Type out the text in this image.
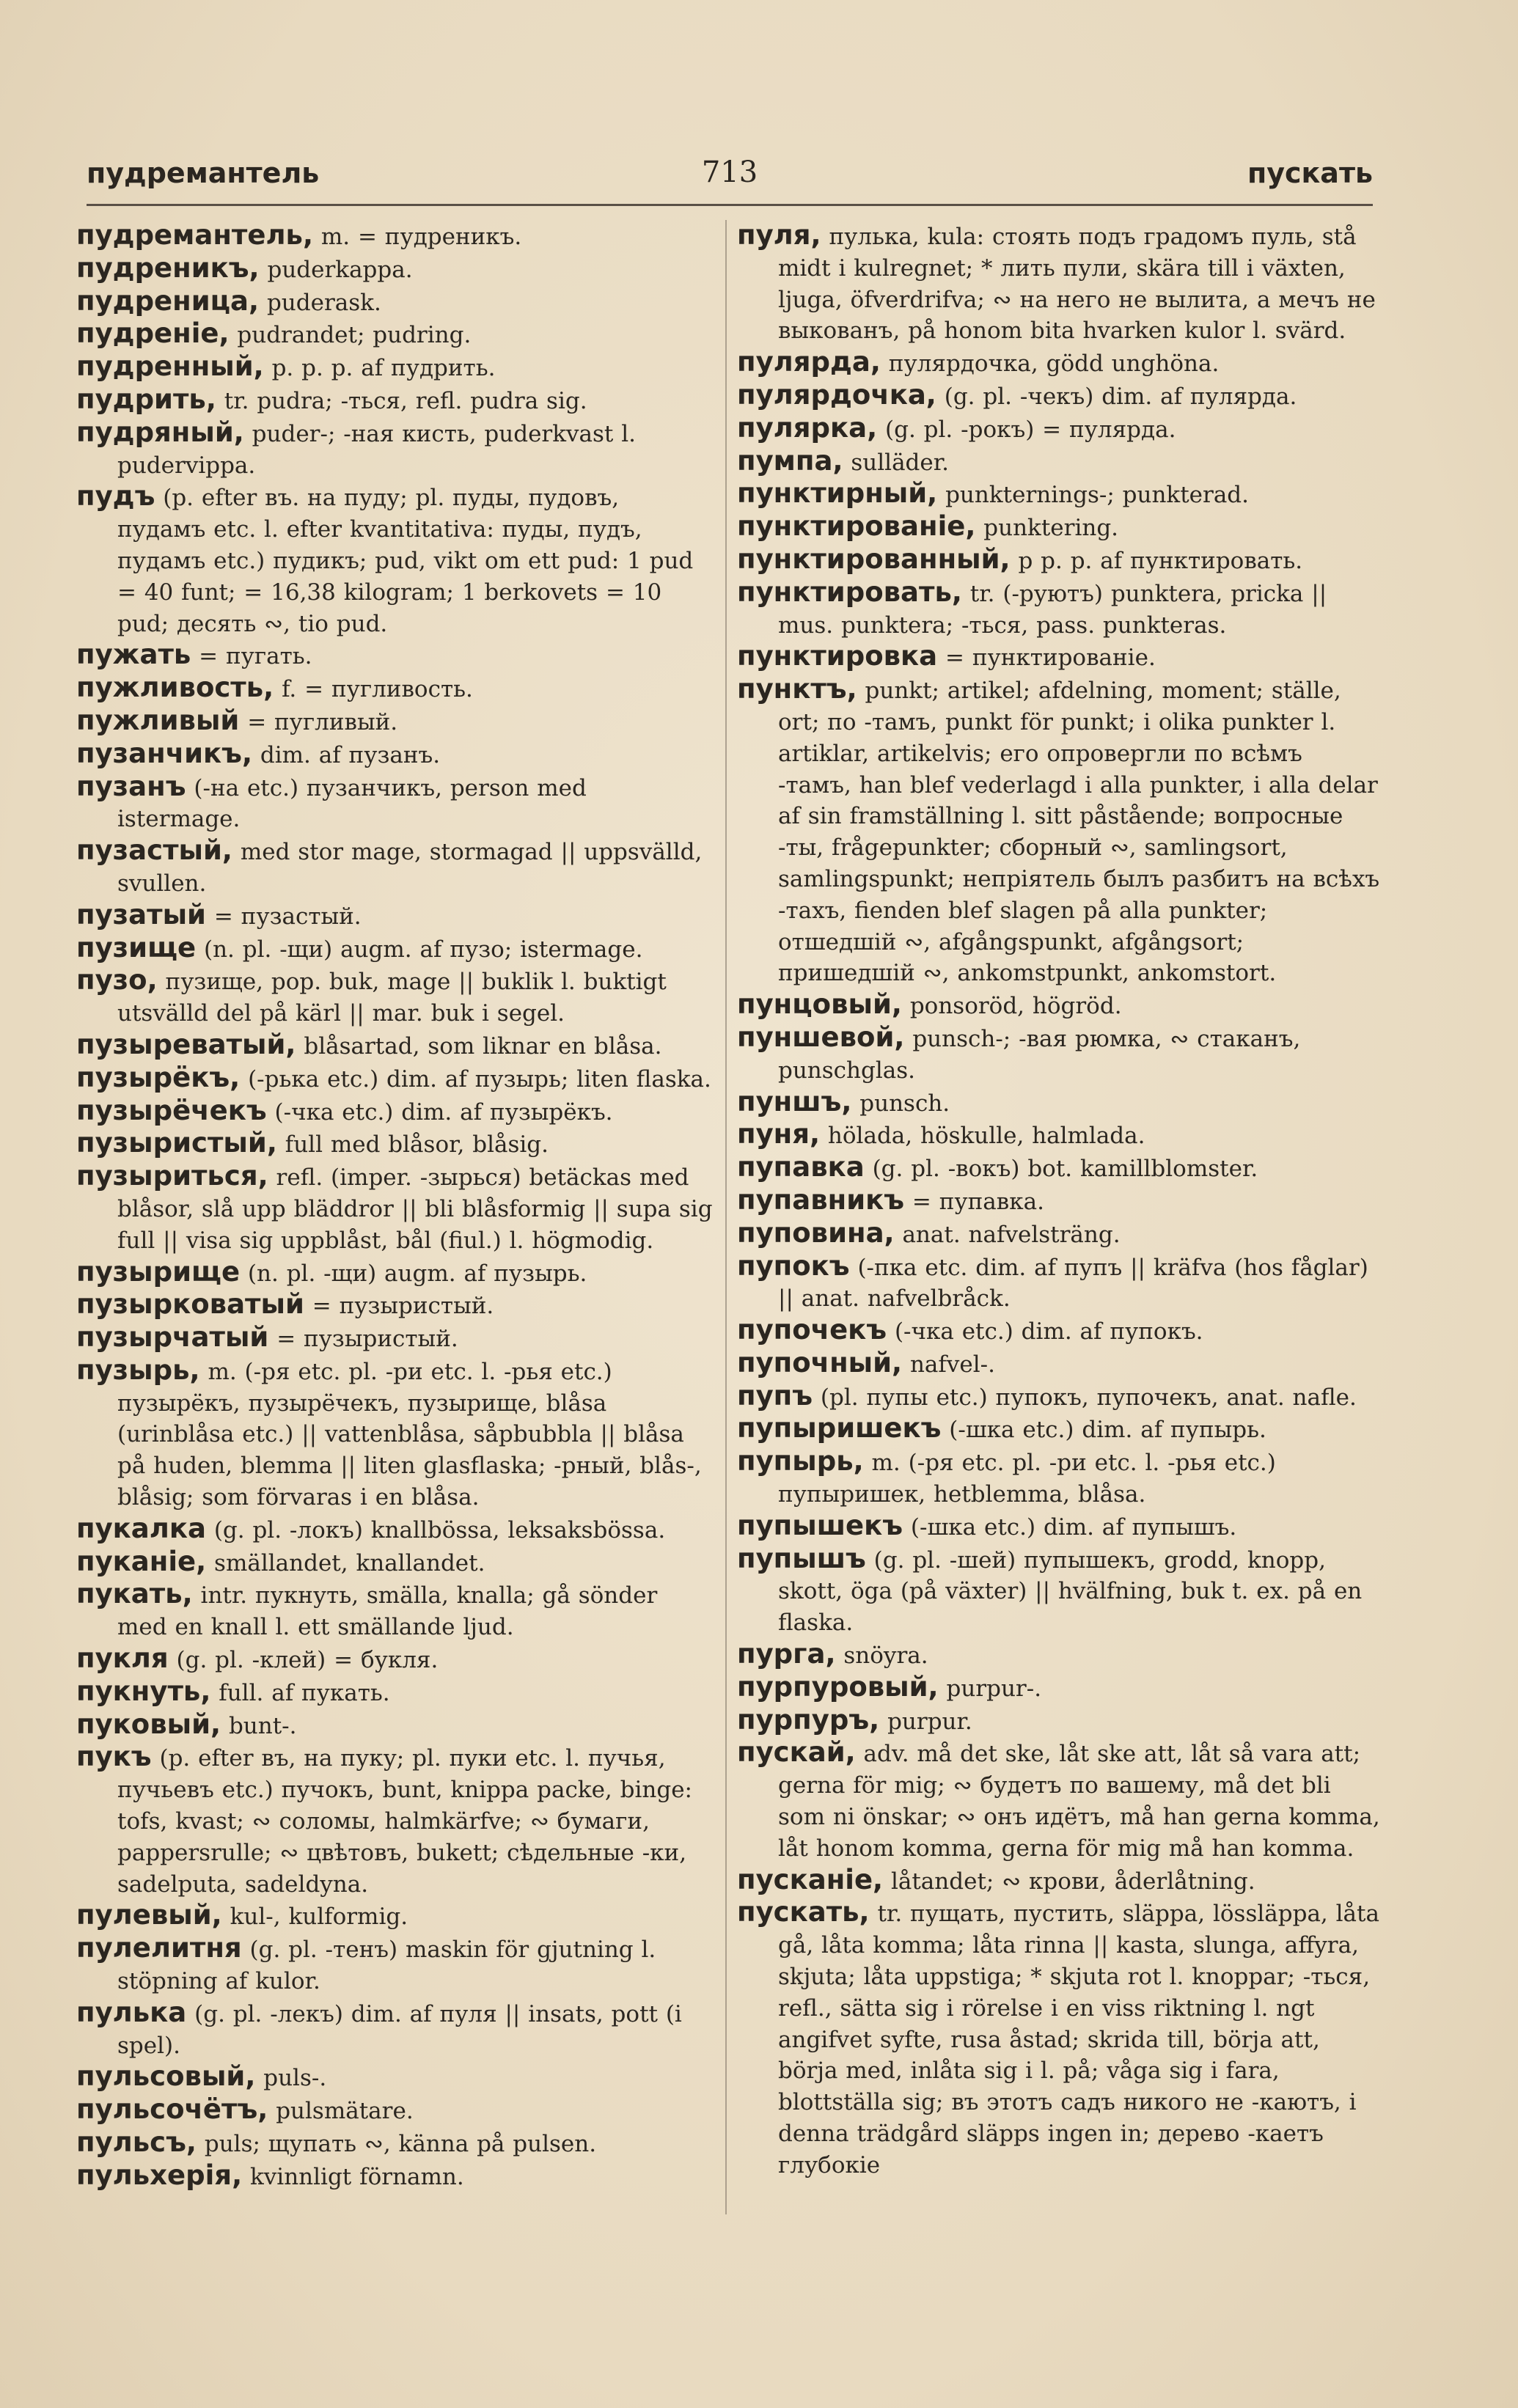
пудремантель	713	пускать

пудремантель, m. = пудреникъ.

пудреникъ, puderkappa.

пудреница, puderask.

пудреніе, pudrandet; pudring.

пудренный, p. p. p. af пудрить.

пудрить, tr. pudra; -ться, refl. pudra sig.

пудряный, puder-; -ная кисть, puderkvast l. pudervippa.

пудъ (p. efter въ. на пуду; pl. пуды, пудовъ, пудамъ etc. l. efter kvantitativa: пуды, пудъ, пудамъ etc.) пудикъ; pud, vikt om ett pud: 1 pud = 40 funt; = 16,38 kilogram; 1 berkovets = 10 pud; десять ∾, tio pud.

пужать = пугать.

пужливость, f. = пугливость.

пужливый = пугливый.

пузанчикъ, dim. af пузанъ.

пузанъ (-на etc.) пузанчикъ, person med istermage.

пузастый, med stor mage, stormagad || uppsvälld, svullen.

пузатый = пузастый.

пузище (n. pl. -щи) augm. af пузо; istermage.

пузо, пузище, pop. buk, mage || buklik l. buktigt utsvälld del på kärl || mar. buk i segel.

пузыреватый, blåsartad, som liknar en blåsa.

пузырёкъ, (-рька etc.) dim. af пузырь; liten flaska.

пузырёчекъ (-чка etc.) dim. af пузырёкъ.

пузыристый, full med blåsor, blåsig.

пузыриться, refl. (imper. -зырься) betäckas med blåsor, slå upp bläddror || bli blåsformig || supa sig full || visa sig uppblåst, bål (fiul.) l. högmodig.

пузырище (n. pl. -щи) augm. af пузырь.

пузырковатый = пузыристый.

пузырчатый = пузыристый.

пузырь, m. (-ря etc. pl. -ри etc. l. -рья etc.) пузырёкъ, пузырёчекъ, пузырище, blåsa (urinblåsa etc.) || vattenblåsa, såpbubbla || blåsa på huden, blemma || liten glasflaska; -рный, blås-, blåsig; som förvaras i en blåsa.

пукалка (g. pl. -локъ) knallbössa, leksaksbössa.

пуканіе, smällandet, knallandet.

пукать, intr. пукнуть, smälla, knalla; gå sönder med en knall l. ett smällande ljud.

пукля (g. pl. -клей) = букля.

пукнуть, full. af пукать.

пуковый, bunt-.

пукъ (p. efter въ, на пуку; pl. пуки etc. l. пучья, пучьевъ etc.) пучокъ, bunt, knippa packe, binge: tofs, kvast; ∾ соломы, halmkärfve; ∾ бумаги, pappersrulle; ∾ цвѣтовъ, bukett; сѣдельные -ки, sadelputa, sadeldyna.

пулевый, kul-, kulformig.

пулелитня (g. pl. -тенъ) maskin för gjutning l. stöpning af kulor.

пулька (g. pl. -лекъ) dim. af пуля || insats, pott (i spel).

пульсовый, puls-.

пульсочётъ, pulsmätare.

пульсъ, puls; щупать ∾, känna på pulsen.

пульхерія, kvinnligt förnamn.

пуля, пулька, kula: стоять подъ градомъ пуль, stå midt i kulregnet; * лить пули, skära till i växten, ljuga, öfverdrifva; ∾ на него не вылита, а мечъ не выкованъ, på honom bita hvarken kulor l. svärd.

пулярда, пулярдочка, gödd unghöna.

пулярдочка, (g. pl. -чекъ) dim. af пулярда.

пулярка, (g. pl. -рокъ) = пулярда.

пумпа, sulläder.

пунктирный, punkternings-; punkterad.

пунктированіе, punktering.

пунктированный, p p. p. af пунктировать.

пунктировать, tr. (-руютъ) punktera, pricka || mus. punktera; -ться, pass. punkteras.

пунктировка = пунктированіе.

пунктъ, punkt; artikel; afdelning, moment; ställe, ort; по -тамъ, punkt för punkt; i olika punkter l. artiklar, artikelvis; его опровергли по всѣмъ -тамъ, han blef vederlagd i alla punkter, i alla delar af sin framställning l. sitt påstående; вопросные -ты, frågepunkter; сборный ∾, samlingsort, samlingspunkt; непріятель былъ разбитъ на всѣхъ -тахъ, fienden blef slagen på alla punkter; отшедшій ∾, afgångspunkt, afgångsort; пришедшій ∾, ankomstpunkt, ankomstort.

пунцовый, ponsoröd, högröd.

пуншевой, punsch-; -вая рюмка, ∾ стаканъ, punschglas.

пуншъ, punsch.

пуня, hölada, höskulle, halmlada.

пупавка (g. pl. -вокъ) bot. kamillblomster.

пупавникъ = пупавка.

пуповина, anat. nafvelsträng.

пупокъ (-пка etc. dim. af пупъ || kräfva (hos fåglar) || anat. nafvelbråck.

пупочекъ (-чка etc.) dim. af пупокъ.

пупочный, nafvel-.

пупъ (pl. пупы etc.) пупокъ, пупочекъ, anat. nafle.

пупыришекъ (-шка etc.) dim. af пупырь.

пупырь, m. (-ря etc. pl. -ри etc. l. -рья etc.) пупыришек, hetblemma, blåsa.

пупышекъ (-шка etc.) dim. af пупышъ.

пупышъ (g. pl. -шей) пупышекъ, grodd, knopp, skott, öga (på växter) || hvälfning, buk t. ex. på en flaska.

пурга, snöyra.

пурпуровый, purpur-.

пурпуръ, purpur.

пускай, adv. må det ske, låt ske att, låt så vara att; gerna för mig; ∾ будетъ по вашему, må det bli som ni önskar; ∾ онъ идётъ, må han gerna komma, låt honom komma, gerna för mig må han komma.

пусканіе, låtandet; ∾ крови, åderlåtning.

пускать, tr. пущать, пустить, släppa, lössläppa, låta gå, låta komma; låta rinna || kasta, slunga, affyra, skjuta; låta uppstiga; * skjuta rot l. knoppar; -ться, refl., sätta sig i rörelse i en viss riktning l. ngt angifvet syfte, rusa åstad; skrida till, börja att, börja med, inlåta sig i l. på; våga sig i fara, blottställa sig; въ этотъ садъ никого не -каютъ, i denna trädgård släpps ingen in; дерево -каетъ глубокіе
